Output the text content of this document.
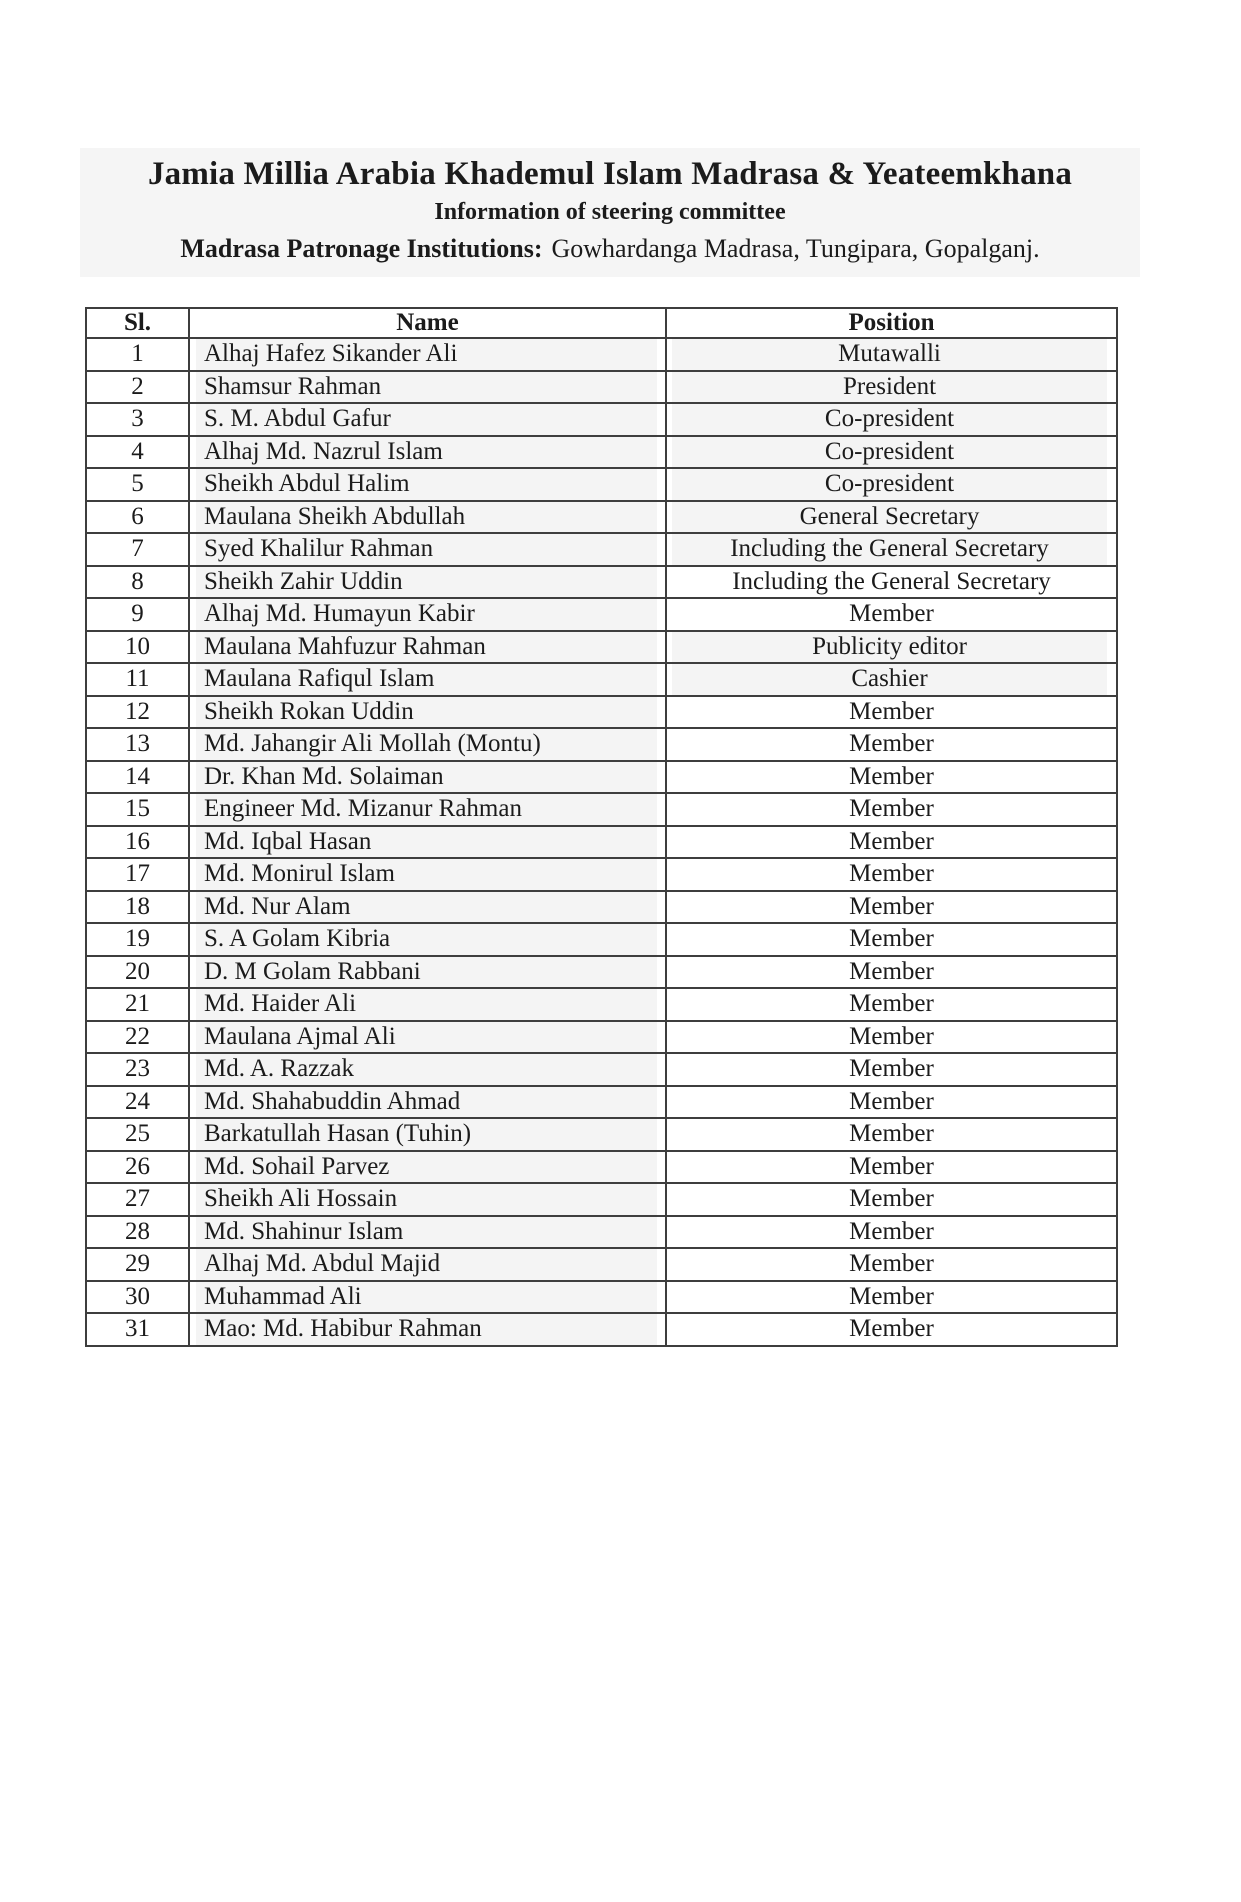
Jamia Millia Arabia Khademul Islam Madrasa & Yeateemkhana
Information of steering committee
Madrasa Patronage Institutions: Gowhardanga Madrasa, Tungipara, Gopalganj.
Sl.	Name	Position
1	Alhaj Hafez Sikander Ali	Mutawalli
2	Shamsur Rahman	President
3	S. M. Abdul Gafur	Co-president
4	Alhaj Md. Nazrul Islam	Co-president
5	Sheikh Abdul Halim	Co-president
6	Maulana Sheikh Abdullah	General Secretary
7	Syed Khalilur Rahman	Including the General Secretary
8	Sheikh Zahir Uddin	Including the General Secretary
9	Alhaj Md. Humayun Kabir	Member
10	Maulana Mahfuzur Rahman	Publicity editor
11	Maulana Rafiqul Islam	Cashier
12	Sheikh Rokan Uddin	Member
13	Md. Jahangir Ali Mollah (Montu)	Member
14	Dr. Khan Md. Solaiman	Member
15	Engineer Md. Mizanur Rahman	Member
16	Md. Iqbal Hasan	Member
17	Md. Monirul Islam	Member
18	Md. Nur Alam	Member
19	S. A Golam Kibria	Member
20	D. M Golam Rabbani	Member
21	Md. Haider Ali	Member
22	Maulana Ajmal Ali	Member
23	Md. A. Razzak	Member
24	Md. Shahabuddin Ahmad	Member
25	Barkatullah Hasan (Tuhin)	Member
26	Md. Sohail Parvez	Member
27	Sheikh Ali Hossain	Member
28	Md. Shahinur Islam	Member
29	Alhaj Md. Abdul Majid	Member
30	Muhammad Ali	Member
31	Mao: Md. Habibur Rahman	Member
